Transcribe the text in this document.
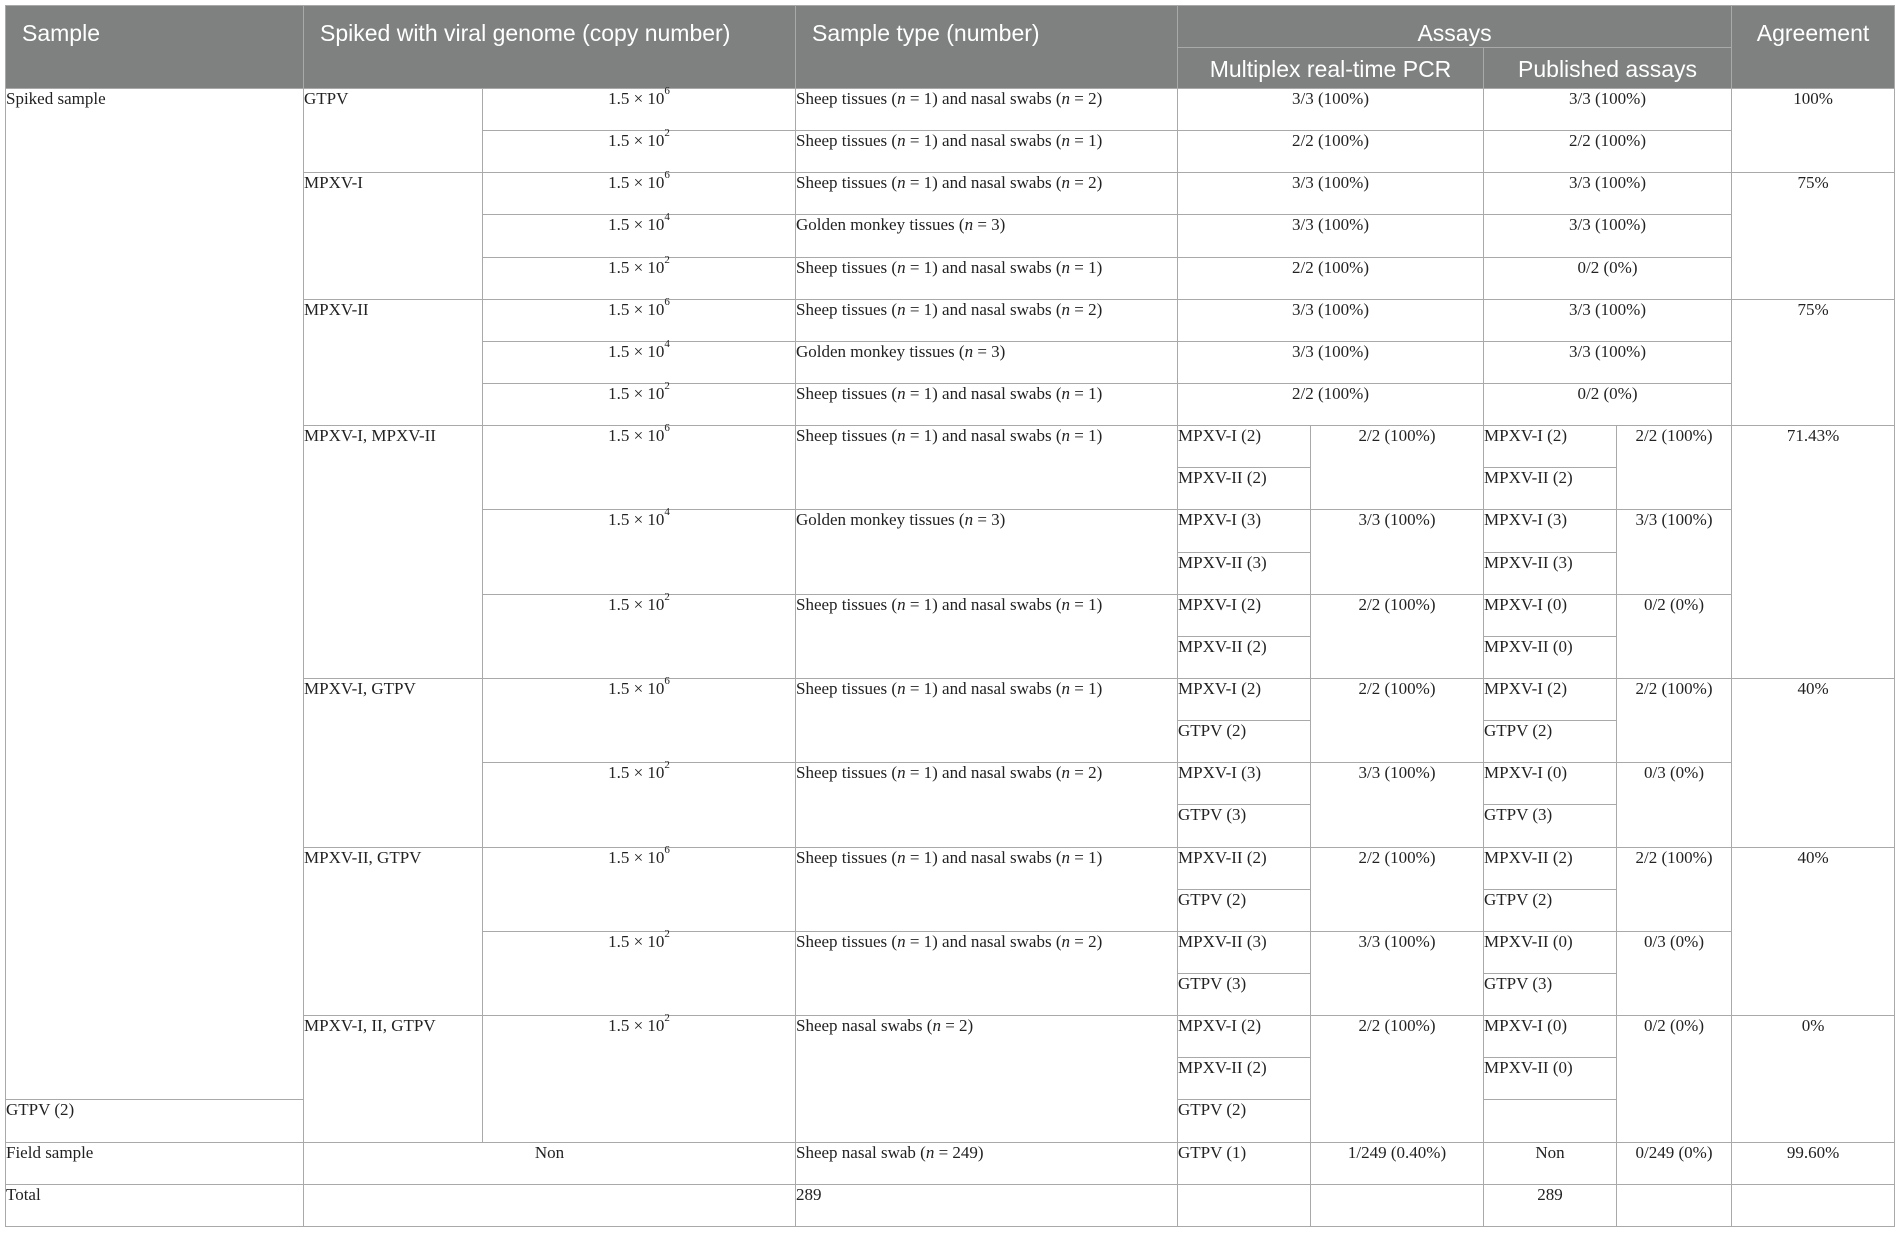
Sample	Spiked with viral genome (copy number)		Sample type (number)	Assays				Agreement
				Multiplex real-time PCR		Published assays		
Spiked sample	GTPV	$1.5 \times 10^6$	Sheep tissues (n = 1) and nasal swabs (n = 2)	3/3 (100%)		3/3 (100%)		100%
		$1.5 \times 10^2$	Sheep tissues (n = 1) and nasal swabs (n = 1)	2/2 (100%)		2/2 (100%)		
	MPXV-I	$1.5 \times 10^6$	Sheep tissues (n = 1) and nasal swabs (n = 2)	3/3 (100%)		3/3 (100%)		75%
		$1.5 \times 10^4$	Golden monkey tissues (n = 3)	3/3 (100%)		3/3 (100%)		
		$1.5 \times 10^2$	Sheep tissues (n = 1) and nasal swabs (n = 1)	2/2 (100%)		0/2 (0%)		
	MPXV-II	$1.5 \times 10^6$	Sheep tissues (n = 1) and nasal swabs (n = 2)	3/3 (100%)		3/3 (100%)		75%
		$1.5 \times 10^4$	Golden monkey tissues (n = 3)	3/3 (100%)		3/3 (100%)		
		$1.5 \times 10^2$	Sheep tissues (n = 1) and nasal swabs (n = 1)	2/2 (100%)		0/2 (0%)		
	MPXV-I, MPXV-II	$1.5 \times 10^6$	Sheep tissues (n = 1) and nasal swabs (n = 1)	MPXV-I (2)	2/2 (100%)	MPXV-I (2)	2/2 (100%)	71.43%
				MPXV-II (2)		MPXV-II (2)		
		$1.5 \times 10^4$	Golden monkey tissues (n = 3)	MPXV-I (3)	3/3 (100%)	MPXV-I (3)	3/3 (100%)	
				MPXV-II (3)		MPXV-II (3)		
		$1.5 \times 10^2$	Sheep tissues (n = 1) and nasal swabs (n = 1)	MPXV-I (2)	2/2 (100%)	MPXV-I (0)	0/2 (0%)	
				MPXV-II (2)		MPXV-II (0)		
	MPXV-I, GTPV	$1.5 \times 10^6$	Sheep tissues (n = 1) and nasal swabs (n = 1)	MPXV-I (2)	2/2 (100%)	MPXV-I (2)	2/2 (100%)	40%
				GTPV (2)		GTPV (2)		
		$1.5 \times 10^2$	Sheep tissues (n = 1) and nasal swabs (n = 2)	MPXV-I (3)	3/3 (100%)	MPXV-I (0)	0/3 (0%)	
				GTPV (3)		GTPV (3)		
	MPXV-II, GTPV	$1.5 \times 10^6$	Sheep tissues (n = 1) and nasal swabs (n = 1)	MPXV-II (2)	2/2 (100%)	MPXV-II (2)	2/2 (100%)	40%
				GTPV (2)		GTPV (2)		
		$1.5 \times 10^2$	Sheep tissues (n = 1) and nasal swabs (n = 2)	MPXV-II (3)	3/3 (100%)	MPXV-II (0)	0/3 (0%)	
				GTPV (3)		GTPV (3)		
	MPXV-I, II, GTPV	$1.5 \times 10^2$	Sheep nasal swabs (n = 2)	MPXV-I (2)	2/2 (100%)	MPXV-I (0)	0/2 (0%)	0%
				MPXV-II (2)		MPXV-II (0)		
GTPV (2)				GTPV (2)				
Field sample	Non		Sheep nasal swab (n = 249)	GTPV (1)	1/249 (0.40%)	Non	0/249 (0%)	99.60%
Total			289			289		
